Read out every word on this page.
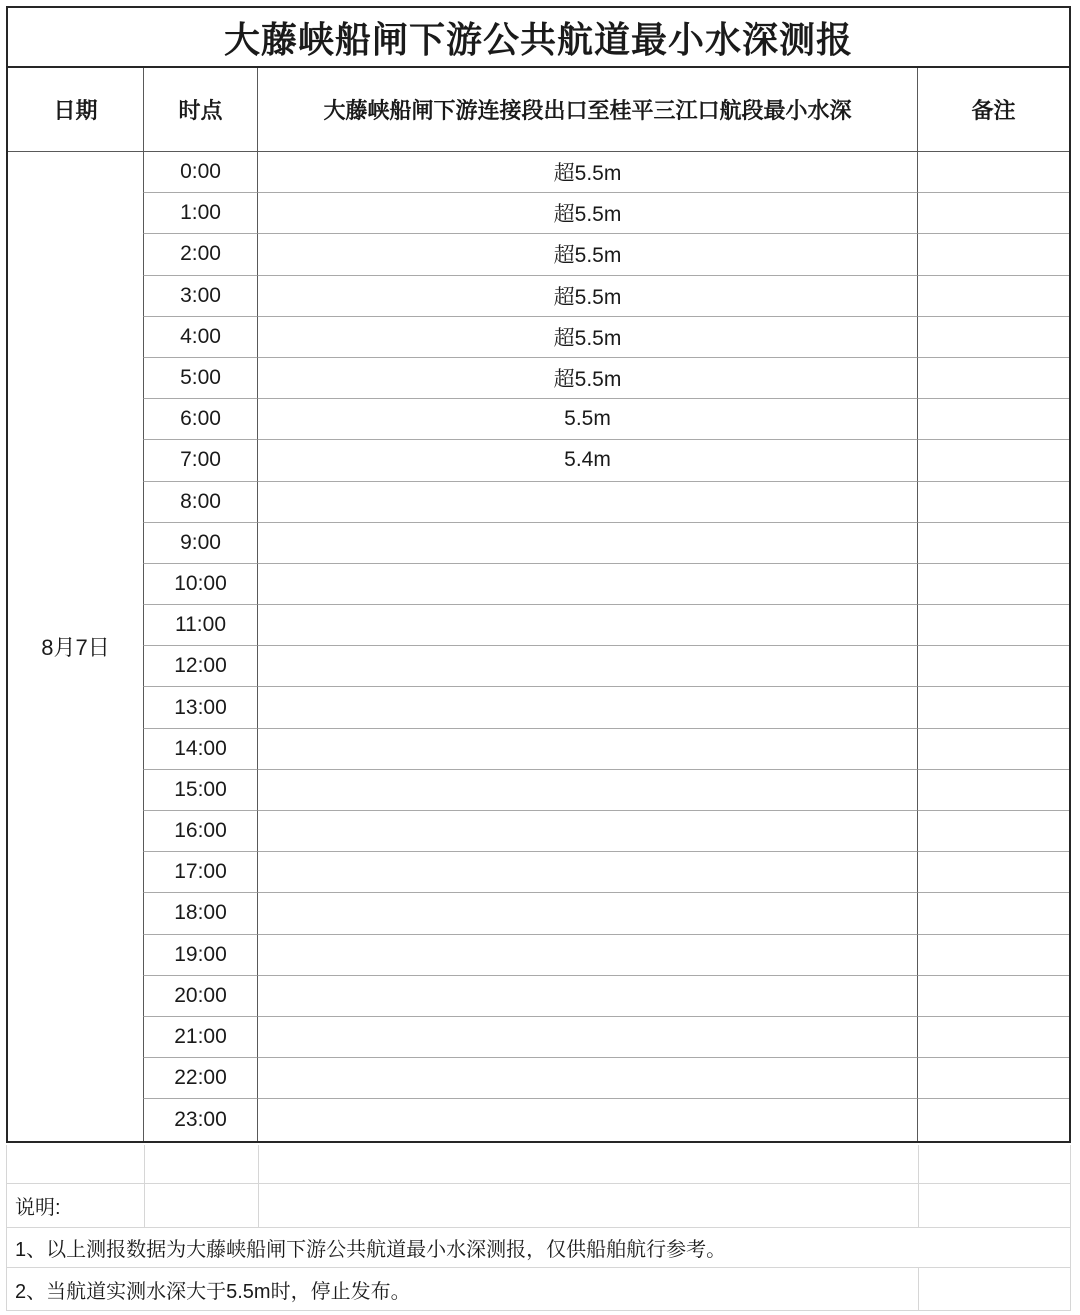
大藤峡船闸下游公共航道最小水深测报
日期	时点	大藤峡船闸下游连接段出口至桂平三江口航段最小水深	备注
8月7日
0:00	超5.5m
1:00	超5.5m
2:00	超5.5m
3:00	超5.5m
4:00	超5.5m
5:00	超5.5m
6:00	5.5m
7:00	5.4m
8:00
9:00
10:00
11:00
12:00
13:00
14:00
15:00
16:00
17:00
18:00
19:00
20:00
21:00
22:00
23:00
说明:
1、以上测报数据为大藤峡船闸下游公共航道最小水深测报，仅供船舶航行参考。
2、当航道实测水深大于5.5m时，停止发布。
